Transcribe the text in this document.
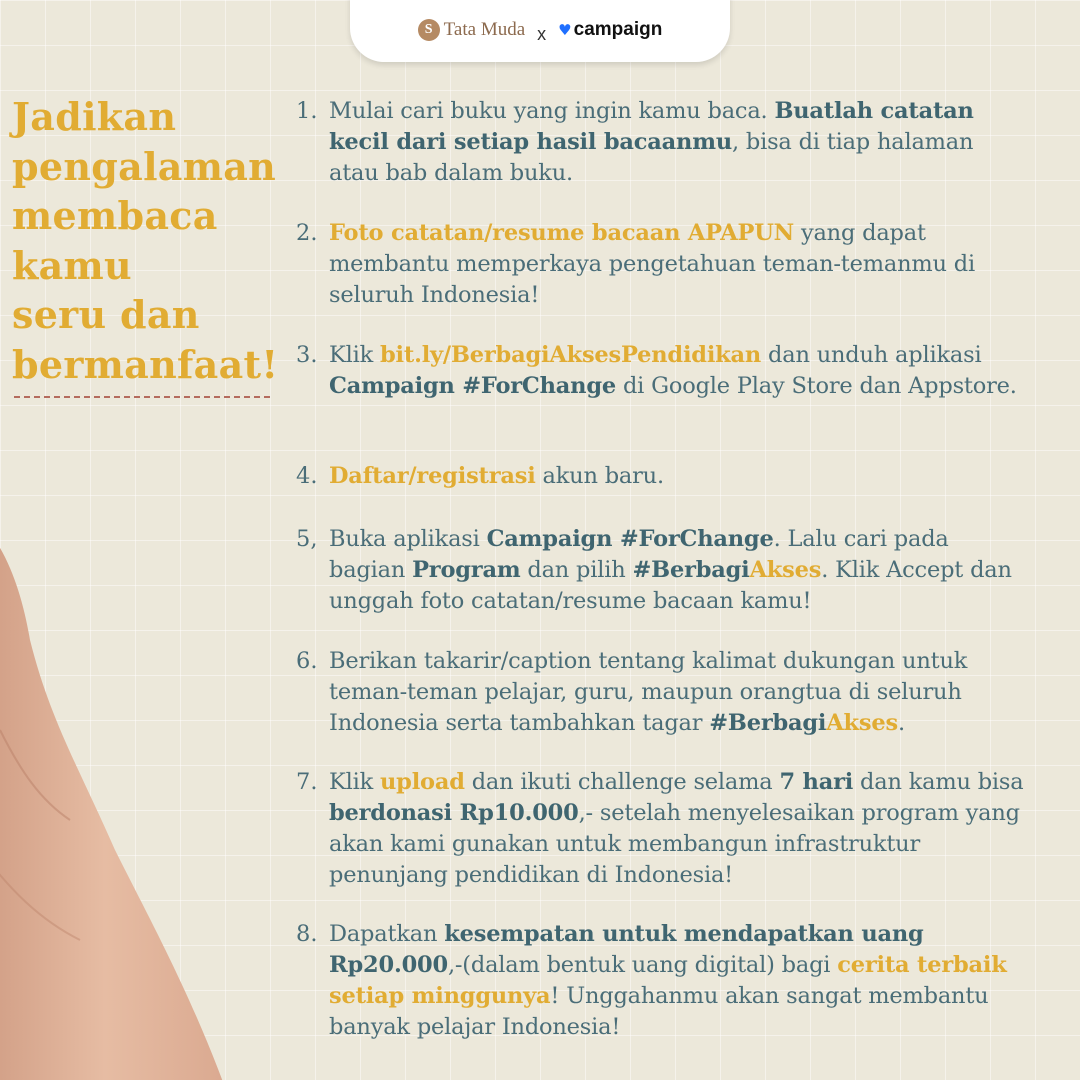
S Tata Muda x ♥ campaign
Jadikan
pengalaman
membaca
kamu
seru dan
bermanfaat!
1. Mulai cari buku yang ingin kamu baca. Buatlah catatan kecil dari setiap hasil bacaanmu, bisa di tiap halaman atau bab dalam buku.
2. Foto catatan/resume bacaan APAPUN yang dapat membantu memperkaya pengetahuan teman-temanmu di seluruh Indonesia!
3. Klik bit.ly/BerbagiAksesPendidikan dan unduh aplikasi Campaign #ForChange di Google Play Store dan Appstore.
4. Daftar/registrasi akun baru.
5, Buka aplikasi Campaign #ForChange. Lalu cari pada bagian Program dan pilih #BerbagiAkses. Klik Accept dan unggah foto catatan/resume bacaan kamu!
6. Berikan takarir/caption tentang kalimat dukungan untuk teman-teman pelajar, guru, maupun orangtua di seluruh Indonesia serta tambahkan tagar #BerbagiAkses.
7. Klik upload dan ikuti challenge selama 7 hari dan kamu bisa berdonasi Rp10.000,- setelah menyelesaikan program yang akan kami gunakan untuk membangun infrastruktur penunjang pendidikan di Indonesia!
8. Dapatkan kesempatan untuk mendapatkan uang Rp20.000,-(dalam bentuk uang digital) bagi cerita terbaik setiap minggunya! Unggahanmu akan sangat membantu banyak pelajar Indonesia!
